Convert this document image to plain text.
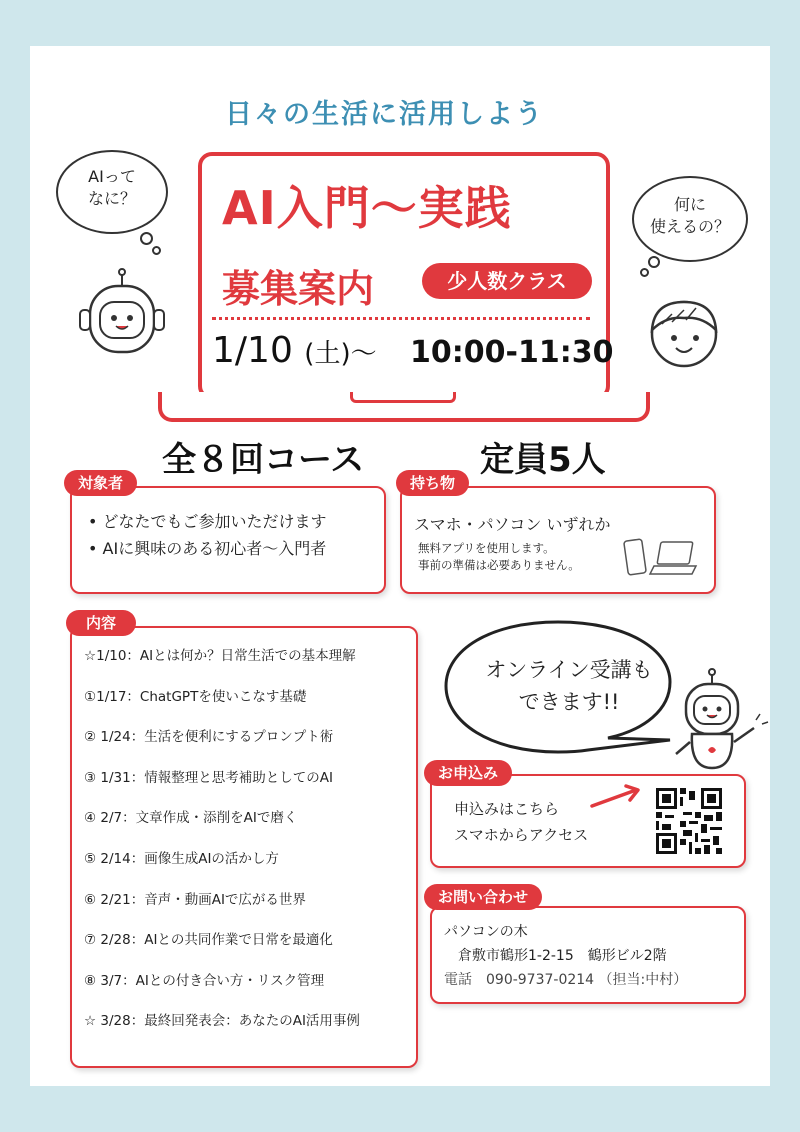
日々の生活に活用しよう
AIって
なに？	何に
使えるの？
AI入門～実践
募集案内	少人数クラス
1/10 (土)～ 10:00-11:30
全８回コース	定員5人
対象者
• どなたでもご参加いただけます
• AIに興味のある初心者～入門者
持ち物
スマホ・パソコン いずれか
無料アプリを使用します。
事前の準備は必要ありません。
内容
☆1/10：AIとは何か？日常生活での基本理解
①1/17：ChatGPTを使いこなす基礎
② 1/24：生活を便利にするプロンプト術
③ 1/31：情報整理と思考補助としてのAI
④ 2/7：文章作成・添削をAIで磨く
⑤ 2/14：画像生成AIの活かし方
⑥ 2/21：音声・動画AIで広がる世界
⑦ 2/28：AIとの共同作業で日常を最適化
⑧ 3/7：AIとの付き合い方・リスク管理
☆ 3/28：最終回発表会：あなたのAI活用事例
オンライン受講も
できます!!
お申込み
申込みはこちら
スマホからアクセス
お問い合わせ
パソコンの木
倉敷市鶴形1-2-15　鶴形ビル2階
電話　090-9737-0214 （担当:中村）
